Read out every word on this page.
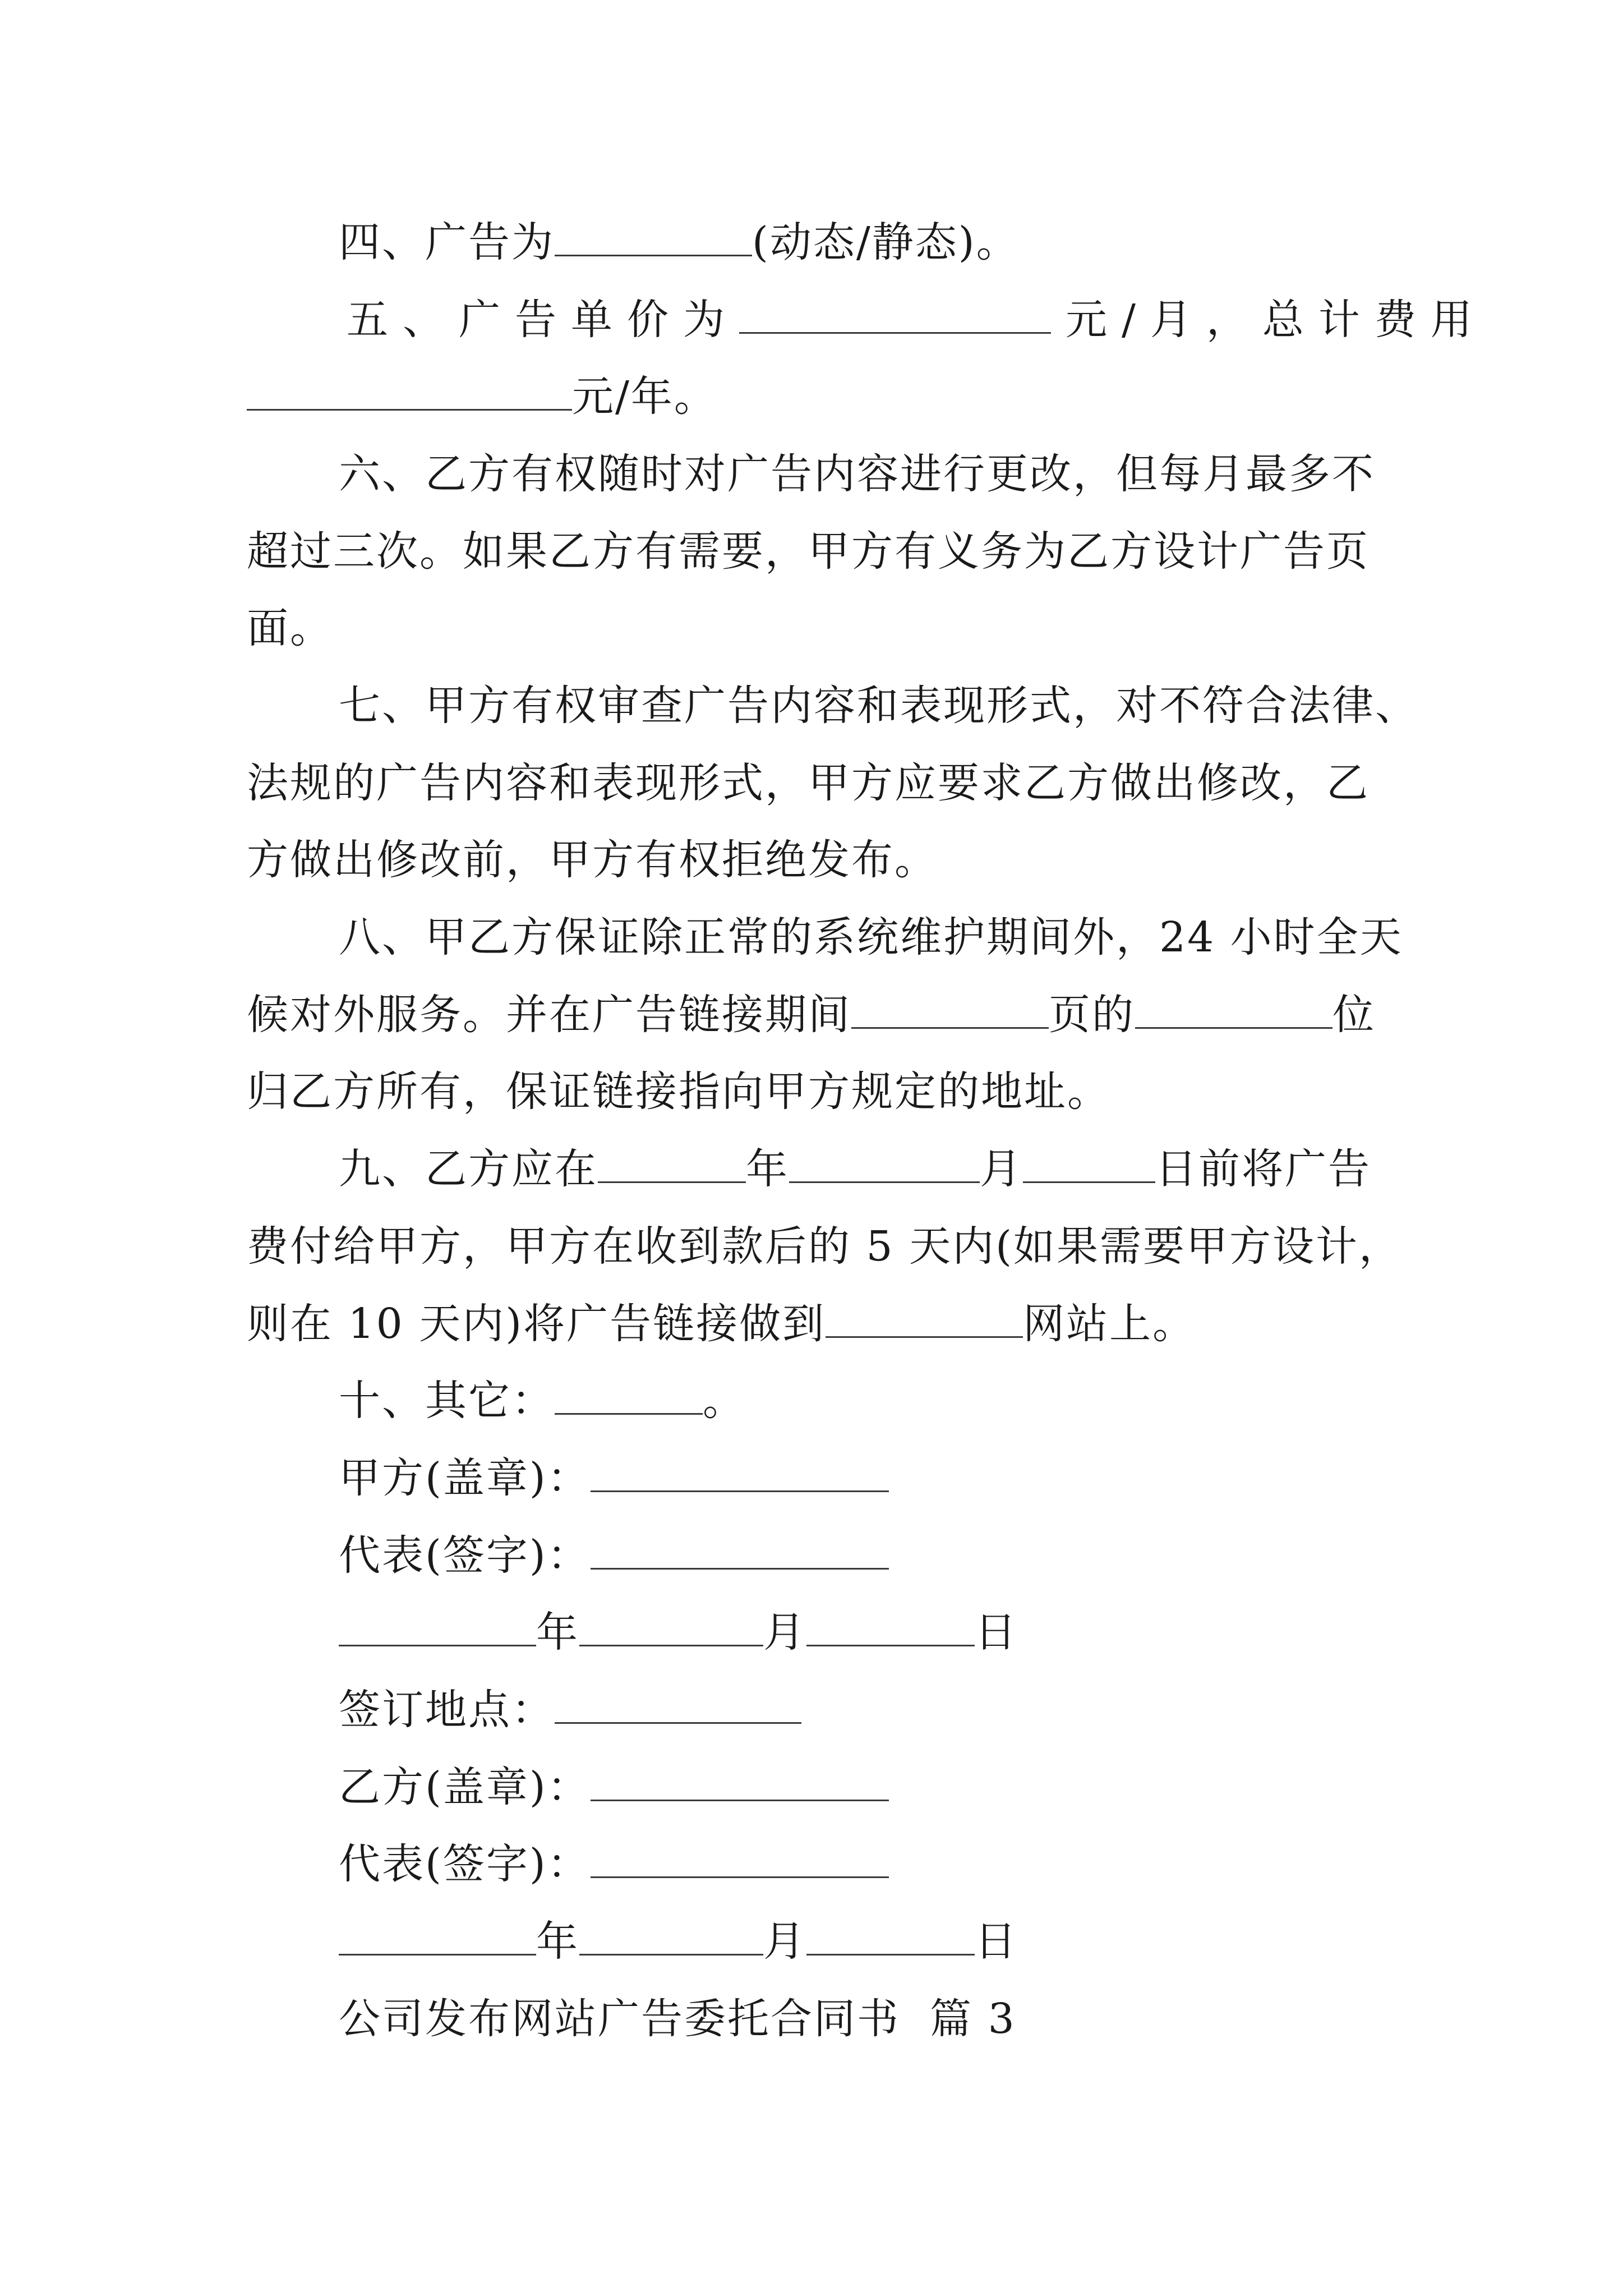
四、广告为	(动态/静态)。
五、广告单价为	元/月，总计费用
元/年。
六、乙方有权随时对广告内容进行更改，但每月最多不
超过三次。如果乙方有需要，甲方有义务为乙方设计广告页
面。
七、甲方有权审查广告内容和表现形式，对不符合法律、
法规的广告内容和表现形式，甲方应要求乙方做出修改，乙
方做出修改前，甲方有权拒绝发布。
八、甲乙方保证除正常的系统维护期间外，24 小时全天
候对外服务。并在广告链接期间	页的	位
归乙方所有，保证链接指向甲方规定的地址。
九、乙方应在	年	月	日前将广告
费付给甲方，甲方在收到款后的 5 天内(如果需要甲方设计，
则在 10 天内)将广告链接做到	网站上。
十、其它：	。
甲方(盖章)：
代表(签字)：
年	月	日
签订地点：
乙方(盖章)：
代表(签字)：
年	月	日
公司发布网站广告委托合同书  篇 3
